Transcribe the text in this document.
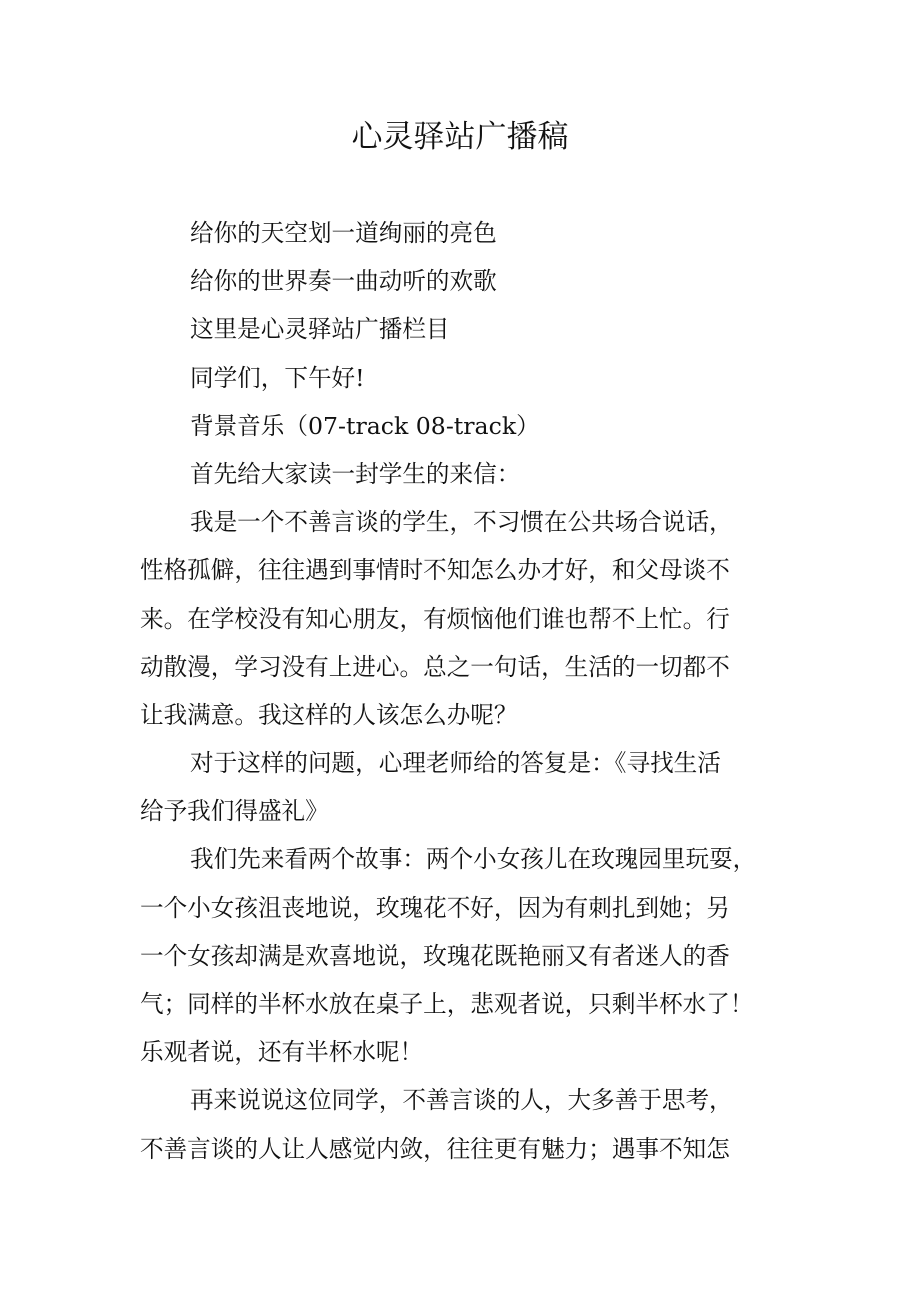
心灵驿站广播稿
给你的天空划一道绚丽的亮色
给你的世界奏一曲动听的欢歌
这里是心灵驿站广播栏目
同学们，下午好!
背景音乐（07-track 08-track）
首先给大家读一封学生的来信：
我是一个不善言谈的学生，不习惯在公共场合说话，
性格孤僻，往往遇到事情时不知怎么办才好，和父母谈不
来。在学校没有知心朋友，有烦恼他们谁也帮不上忙。行
动散漫，学习没有上进心。总之一句话，生活的一切都不
让我满意。我这样的人该怎么办呢？
对于这样的问题，心理老师给的答复是：《寻找生活
给予我们得盛礼》
我们先来看两个故事：两个小女孩儿在玫瑰园里玩耍，
一个小女孩沮丧地说，玫瑰花不好，因为有刺扎到她；另
一个女孩却满是欢喜地说，玫瑰花既艳丽又有者迷人的香
气；同样的半杯水放在桌子上，悲观者说，只剩半杯水了！
乐观者说，还有半杯水呢！
再来说说这位同学，不善言谈的人，大多善于思考，
不善言谈的人让人感觉内敛，往往更有魅力；遇事不知怎
